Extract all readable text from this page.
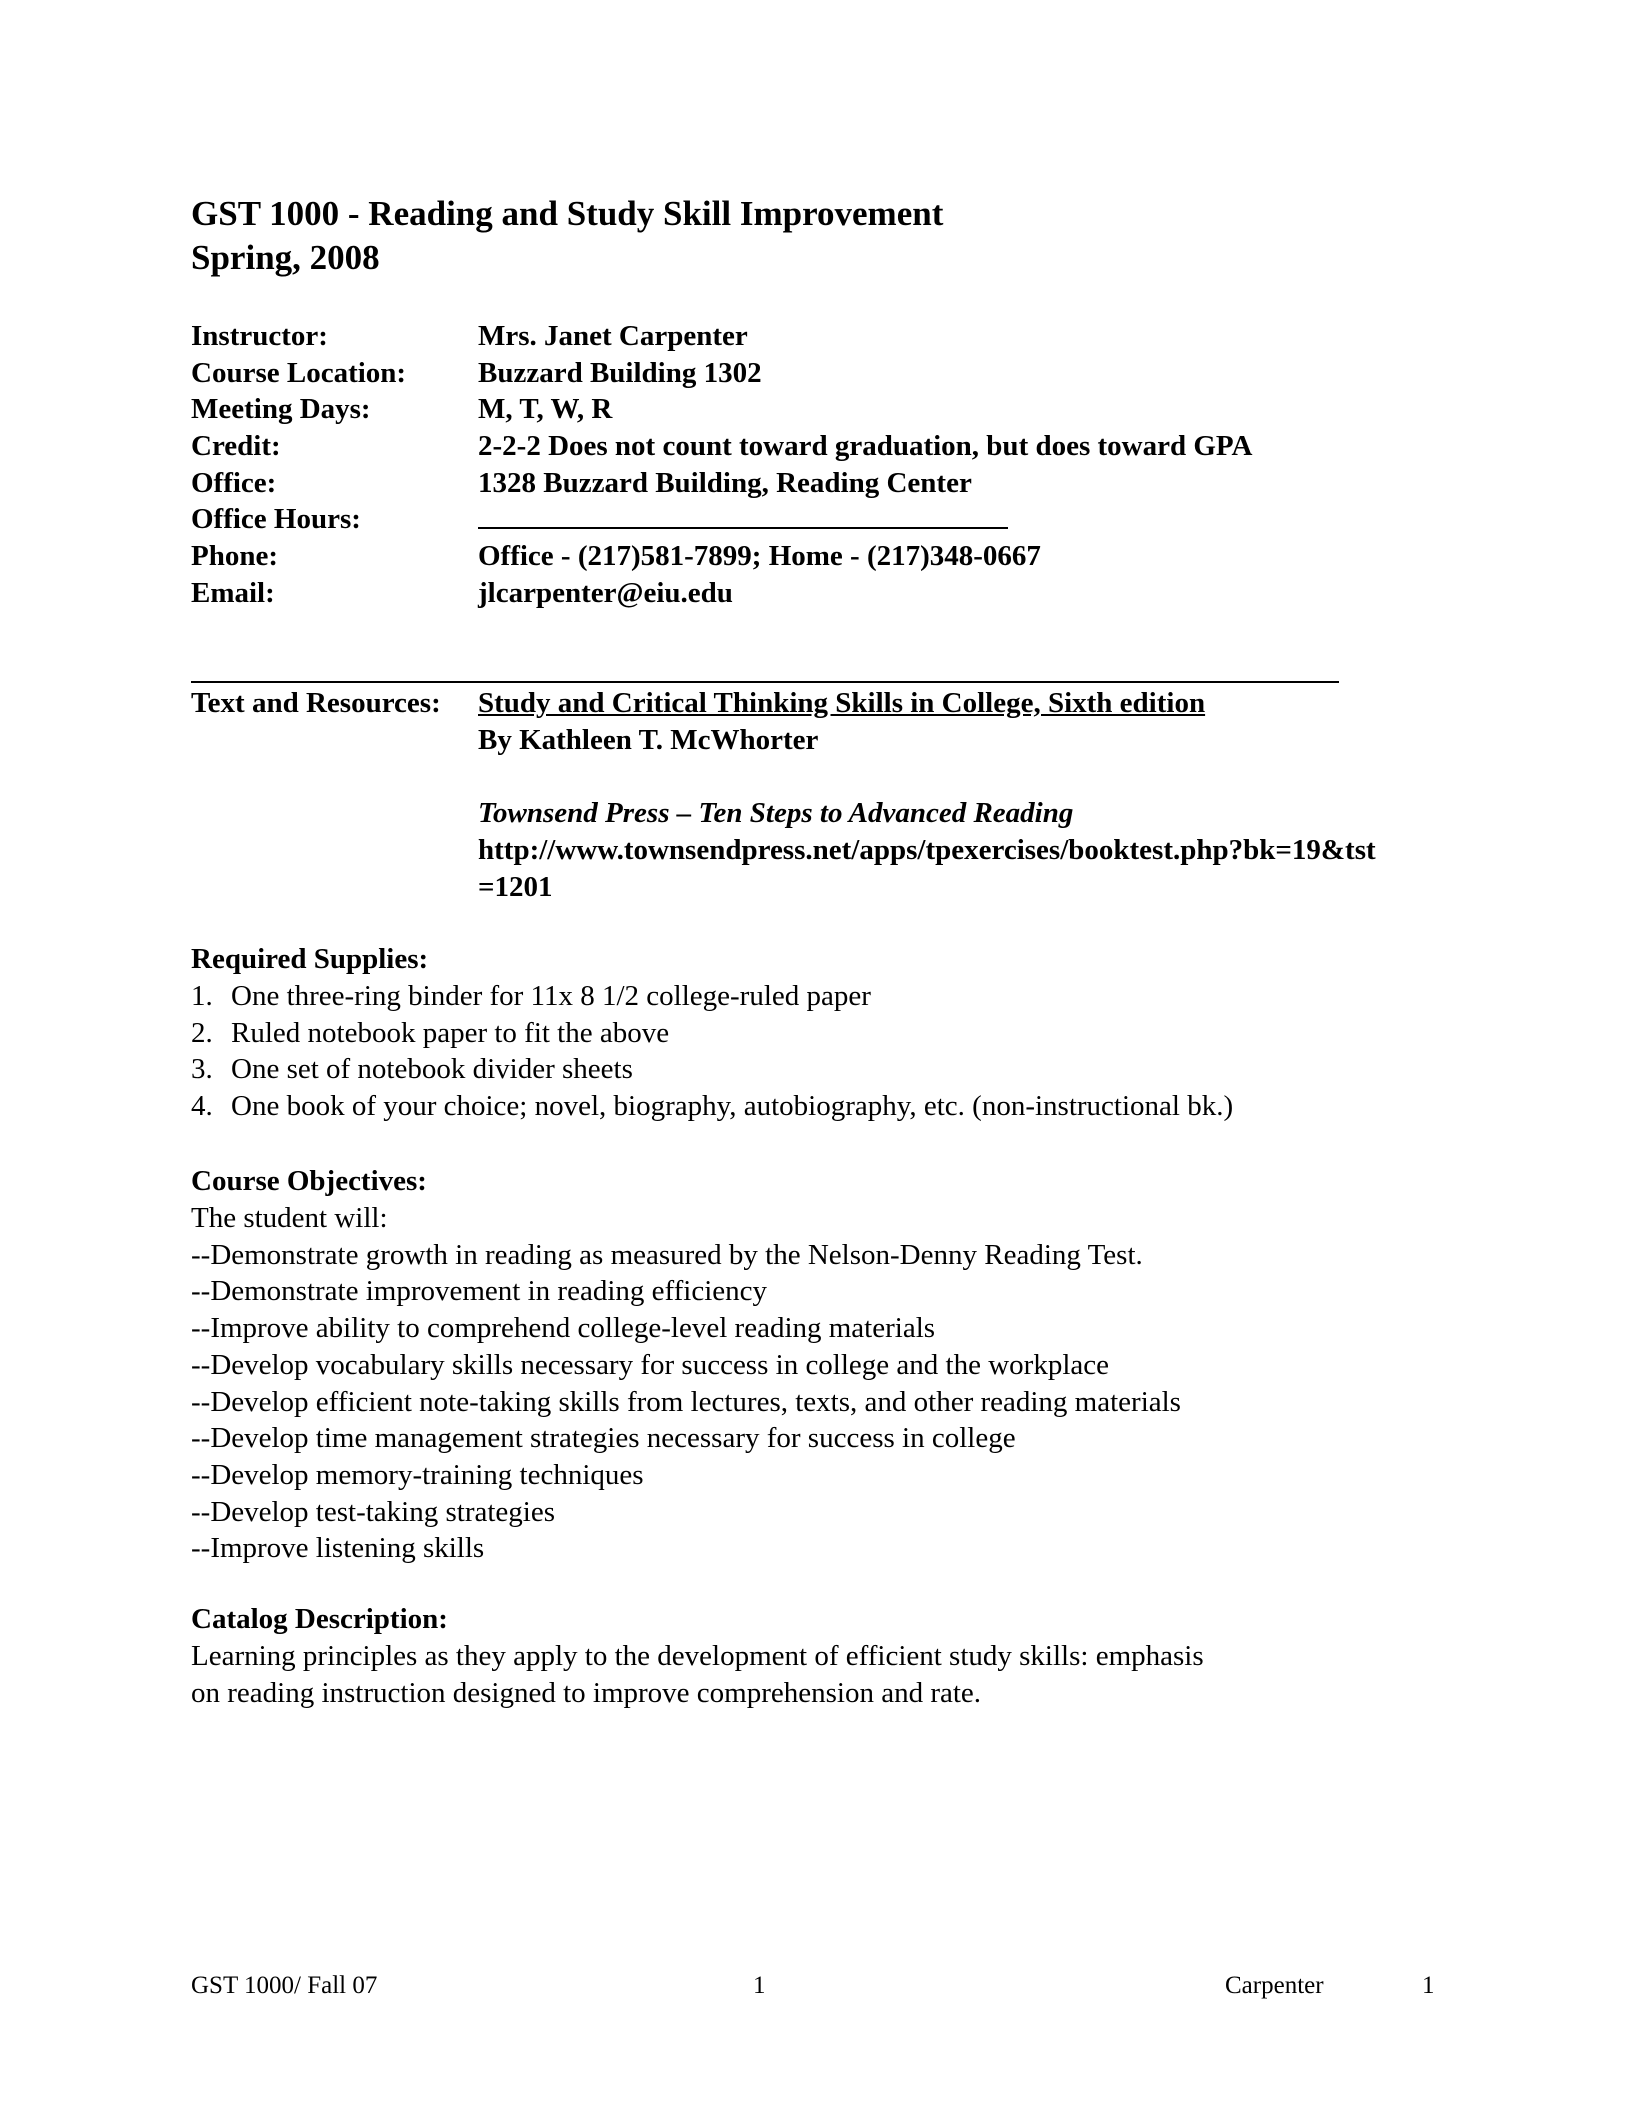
GST 1000 - Reading and Study Skill Improvement
Spring, 2008
Instructor:	Mrs. Janet Carpenter
Course Location:	Buzzard Building 1302
Meeting Days:	M, T, W, R
Credit:	2-2-2 Does not count toward graduation, but does toward GPA
Office:	1328 Buzzard Building, Reading Center
Office Hours:
Phone:	Office - (217)581-7899; Home - (217)348-0667
Email:	jlcarpenter@eiu.edu
Text and Resources:	Study and Critical Thinking Skills in College, Sixth edition
By Kathleen T. McWhorter
Townsend Press – Ten Steps to Advanced Reading
http://www.townsendpress.net/apps/tpexercises/booktest.php?bk=19&tst
=1201
Required Supplies:
1. One three-ring binder for 11x 8 1/2 college-ruled paper
2. Ruled notebook paper to fit the above
3. One set of notebook divider sheets
4. One book of your choice; novel, biography, autobiography, etc. (non-instructional bk.)
Course Objectives:
The student will:
--Demonstrate growth in reading as measured by the Nelson-Denny Reading Test.
--Demonstrate improvement in reading efficiency
--Improve ability to comprehend college-level reading materials
--Develop vocabulary skills necessary for success in college and the workplace
--Develop efficient note-taking skills from lectures, texts, and other reading materials
--Develop time management strategies necessary for success in college
--Develop memory-training techniques
--Develop test-taking strategies
--Improve listening skills
Catalog Description:
Learning principles as they apply to the development of efficient study skills: emphasis
on reading instruction designed to improve comprehension and rate.
GST 1000/ Fall 07	1	Carpenter	1
